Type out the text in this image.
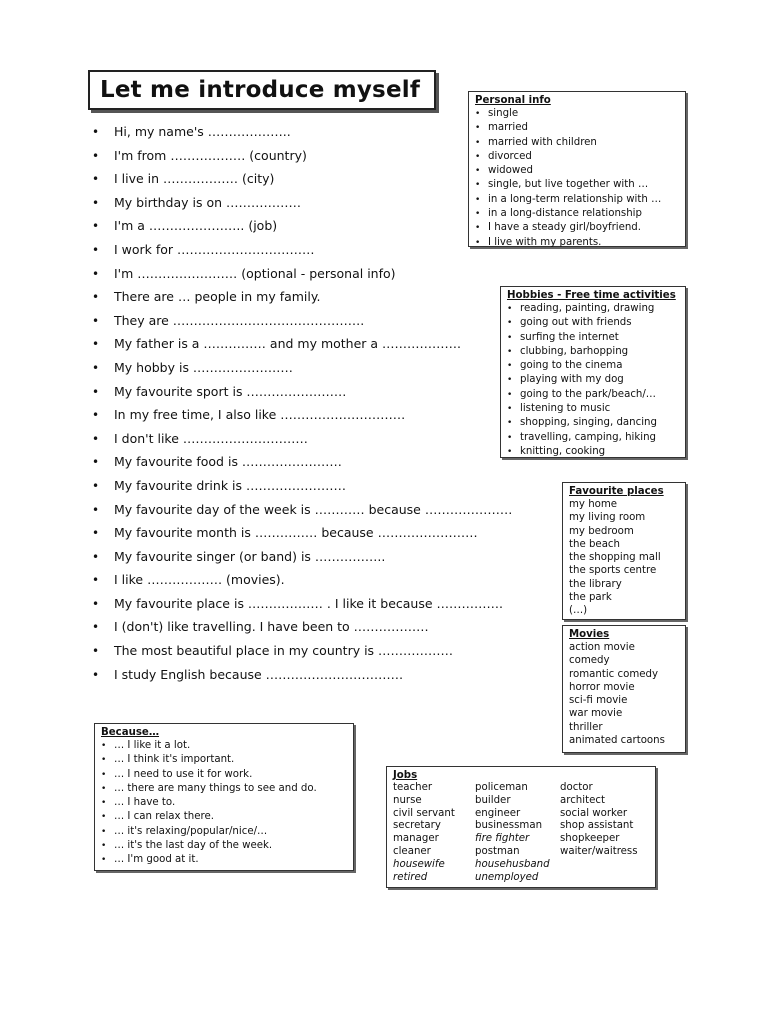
Let me introduce myself
• Hi, my name's ………………..
• I'm from ……………… (country)
• I live in ……………… (city)
• My birthday is on ………………
• I'm a ………………….. (job)
• I work for ……………………………
• I'm …………………… (optional - personal info)
• There are … people in my family.
• They are ……………………………………….
• My father is a …………… and my mother a ……………….
• My hobby is ……………………
• My favourite sport is ……………………
• In my free time, I also like …………………………
• I don't like …………………………
• My favourite food is ……………………
• My favourite drink is ……………………
• My favourite day of the week is ………… because …………………
• My favourite month is …………… because ……………………
• My favourite singer (or band) is ……………..
• I like ……………… (movies).
• My favourite place is ……………… . I like it because …………….
• I (don't) like travelling. I have been to ………………
• The most beautiful place in my country is ………………
• I study English because ……………………………
Personal info
• single
• married
• married with children
• divorced
• widowed
• single, but live together with …
• in a long-term relationship with …
• in a long-distance relationship
• I have a steady girl/boyfriend.
• I live with my parents.
Hobbies - Free time activities
• reading, painting, drawing
• going out with friends
• surfing the internet
• clubbing, barhopping
• going to the cinema
• playing with my dog
• going to the park/beach/…
• listening to music
• shopping, singing, dancing
• travelling, camping, hiking
• knitting, cooking
Favourite places
my home
my living room
my bedroom
the beach
the shopping mall
the sports centre
the library
the park
(…)
Movies
action movie
comedy
romantic comedy
horror movie
sci-fi movie
war movie
thriller
animated cartoons
Because…
• … I like it a lot.
• … I think it's important.
• … I need to use it for work.
• … there are many things to see and do.
• … I have to.
• … I can relax there.
• … it's relaxing/popular/nice/…
• … it's the last day of the week.
• … I'm good at it.
Jobs
teacher
nurse
civil servant
secretary
manager
cleaner
housewife
retired
policeman
builder
engineer
businessman
fire fighter
postman
househusband
unemployed
doctor
architect
social worker
shop assistant
shopkeeper
waiter/waitress
